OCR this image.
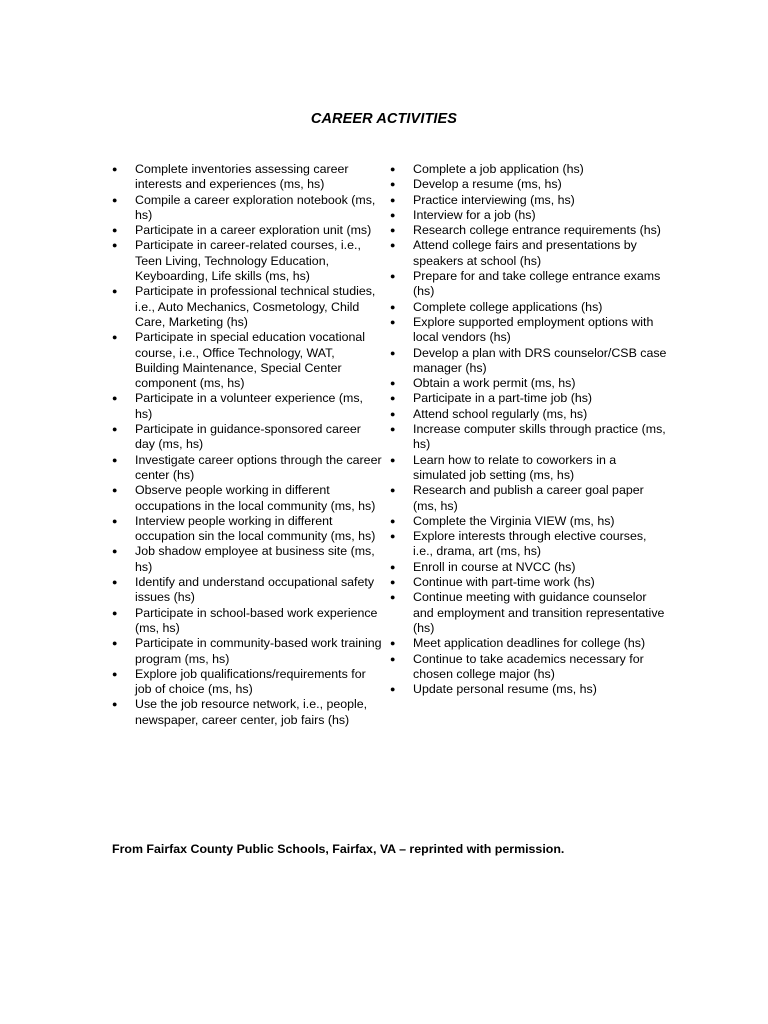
CAREER ACTIVITIES
● Complete inventories assessing career interests and experiences (ms, hs)
● Compile a career exploration notebook (ms, hs)
● Participate in a career exploration unit (ms)
● Participate in career-related courses, i.e., Teen Living, Technology Education, Keyboarding, Life skills (ms, hs)
● Participate in professional technical studies, i.e., Auto Mechanics, Cosmetology, Child Care, Marketing (hs)
● Participate in special education vocational course, i.e., Office Technology, WAT, Building Maintenance, Special Center component (ms, hs)
● Participate in a volunteer experience (ms, hs)
● Participate in guidance-sponsored career day (ms, hs)
● Investigate career options through the career center (hs)
● Observe people working in different occupations in the local community (ms, hs)
● Interview people working in different occupation sin the local community (ms, hs)
● Job shadow employee at business site (ms, hs)
● Identify and understand occupational safety issues (hs)
● Participate in school-based work experience (ms, hs)
● Participate in community-based work training program (ms, hs)
● Explore job qualifications/requirements for job of choice (ms, hs)
● Use the job resource network, i.e., people, newspaper, career center, job fairs (hs)
● Complete a job application (hs)
● Develop a resume (ms, hs)
● Practice interviewing (ms, hs)
● Interview for a job (hs)
● Research college entrance requirements (hs)
● Attend college fairs and presentations by speakers at school (hs)
● Prepare for and take college entrance exams (hs)
● Complete college applications (hs)
● Explore supported employment options with local vendors (hs)
● Develop a plan with DRS counselor/CSB case manager (hs)
● Obtain a work permit (ms, hs)
● Participate in a part-time job (hs)
● Attend school regularly (ms, hs)
● Increase computer skills through practice (ms, hs)
● Learn how to relate to coworkers in a simulated job setting (ms, hs)
● Research and publish a career goal paper (ms, hs)
● Complete the Virginia VIEW (ms, hs)
● Explore interests through elective courses, i.e., drama, art (ms, hs)
● Enroll in course at NVCC (hs)
● Continue with part-time work (hs)
● Continue meeting with guidance counselor and employment and transition representative (hs)
● Meet application deadlines for college (hs)
● Continue to take academics necessary for chosen college major (hs)
● Update personal resume (ms, hs)
From Fairfax County Public Schools, Fairfax, VA – reprinted with permission.
